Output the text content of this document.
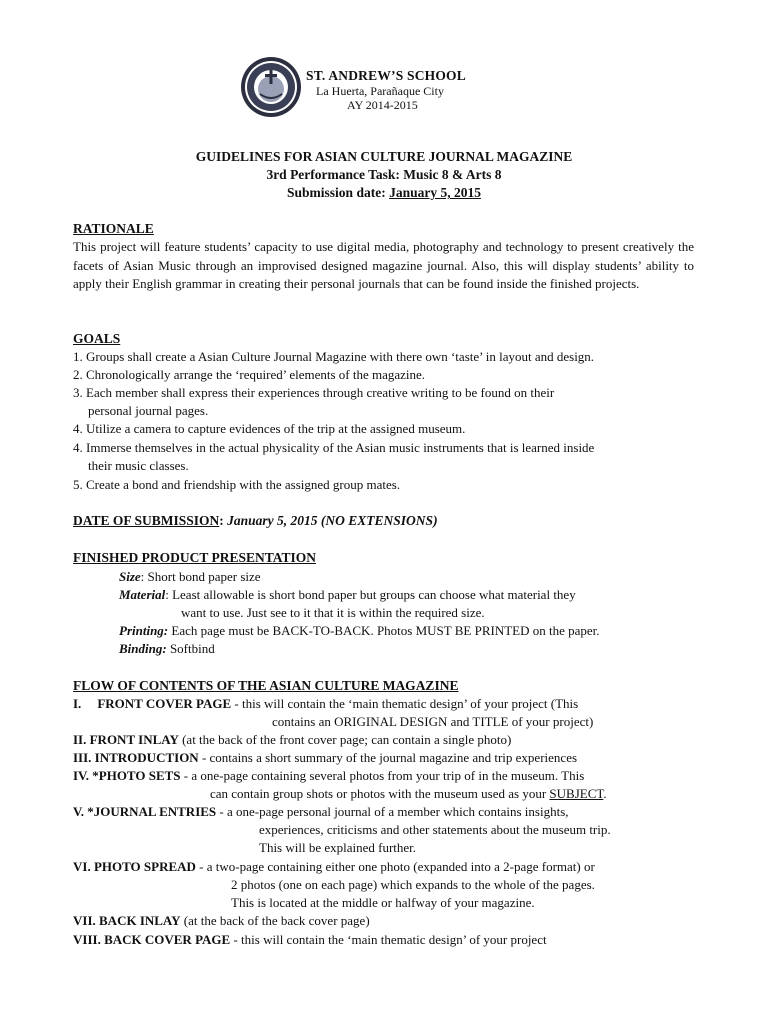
ST. ANDREW’S SCHOOL
La Huerta, Parañaque City
AY 2014-2015
GUIDELINES FOR ASIAN CULTURE JOURNAL MAGAZINE
3rd Performance Task: Music 8 & Arts 8
Submission date: January 5, 2015
RATIONALE
This project will feature students’ capacity to use digital media, photography and technology to present creatively the facets of Asian Music through an improvised designed magazine journal. Also, this will display students’ ability to apply their English grammar in creating their personal journals that can be found inside the finished projects.
GOALS
1. Groups shall create a Asian Culture Journal Magazine with there own ‘taste’ in layout and design.
2. Chronologically arrange the ‘required’ elements of the magazine.
3. Each member shall express their experiences through creative writing to be found on their
personal journal pages.
4. Utilize a camera to capture evidences of the trip at the assigned museum.
4. Immerse themselves in the actual physicality of the Asian music instruments that is learned inside
their music classes.
5. Create a bond and friendship with the assigned group mates.
DATE OF SUBMISSION: January 5, 2015 (NO EXTENSIONS)
FINISHED PRODUCT PRESENTATION
Size: Short bond paper size
Material: Least allowable is short bond paper but groups can choose what material they
want to use. Just see to it that it is within the required size.
Printing: Each page must be BACK-TO-BACK. Photos MUST BE PRINTED on the paper.
Binding: Softbind
FLOW OF CONTENTS OF THE ASIAN CULTURE MAGAZINE
I. FRONT COVER PAGE - this will contain the ‘main thematic design’ of your project (This
contains an ORIGINAL DESIGN and TITLE of your project)
II. FRONT INLAY (at the back of the front cover page; can contain a single photo)
III. INTRODUCTION - contains a short summary of the journal magazine and trip experiences
IV. *PHOTO SETS - a one-page containing several photos from your trip of in the museum. This
can contain group shots or photos with the museum used as your SUBJECT.
V. *JOURNAL ENTRIES - a one-page personal journal of a member which contains insights,
experiences, criticisms and other statements about the museum trip.
This will be explained further.
VI. PHOTO SPREAD - a two-page containing either one photo (expanded into a 2-page format) or
2 photos (one on each page) which expands to the whole of the pages.
This is located at the middle or halfway of your magazine.
VII. BACK INLAY (at the back of the back cover page)
VIII. BACK COVER PAGE - this will contain the ‘main thematic design’ of your project
